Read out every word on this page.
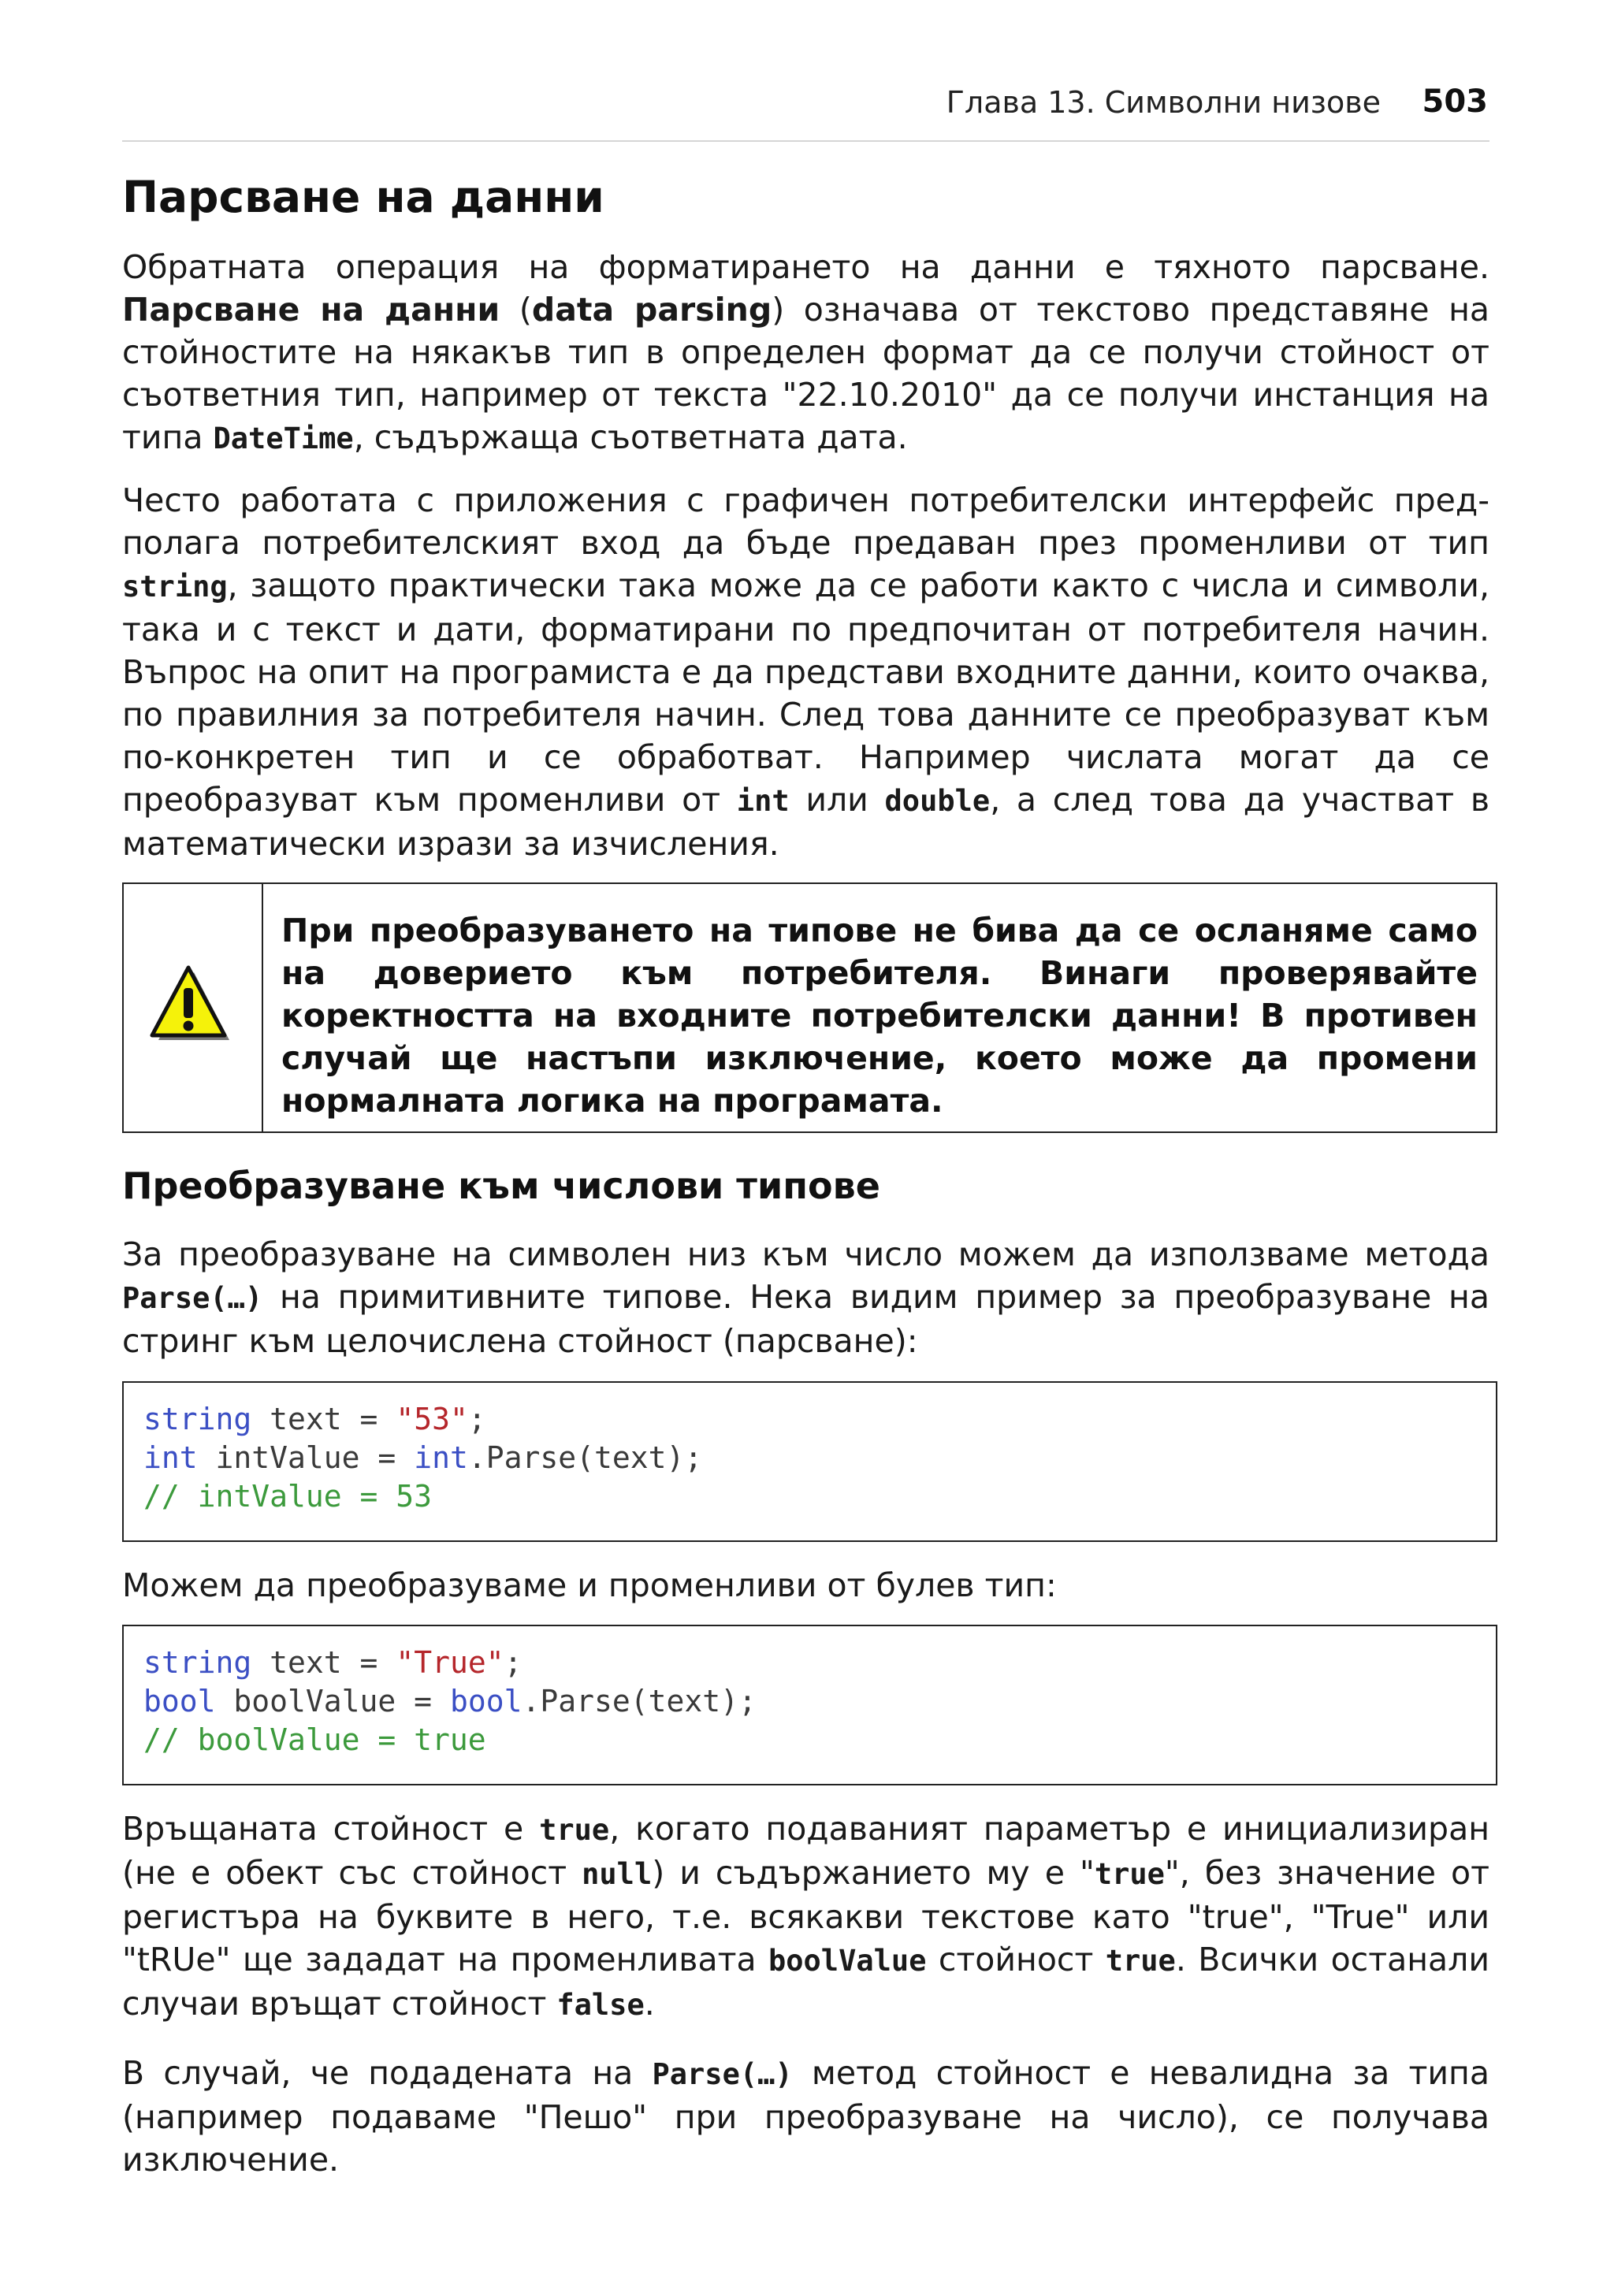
Глава 13. Символни низове 503
Парсване на данни

Обратната операция на форматирането на данни е тяхното парсване. Парсване на данни (data parsing) означава от текстово представяне на стойностите на някакъв тип в определен формат да се получи стойност от съответния тип, например от текста "22.10.2010" да се получи инстанция на типа DateTime, съдържаща съответната дата.

Често работата с приложения с графичен потребителски интерфейс предполага потребителският вход да бъде предаван през променливи от тип string, защото практически така може да се работи както с числа и символи, така и с текст и дати, форматирани по предпочитан от потребителя начин. Въпрос на опит на програмиста е да представи входните данни, които очаква, по правилния за потребителя начин. След това данните се преобразуват към по-конкретен тип и се обработват. Например числата могат да се преобразуват към променливи от int или double, а след това да участват в математически изрази за изчисления.

При преобразуването на типове не бива да се осланяме само на доверието към потребителя. Винаги проверявайте коректността на входните потребителски данни! В противен случай ще настъпи изключение, което може да промени нормалната логика на програмата.

Преобразуване към числови типове

За преобразуване на символен низ към число можем да използваме метода Parse(…) на примитивните типове. Нека видим пример за преобразуване на стринг към целочислена стойност (парсване):

string text = "53";
int intValue = int.Parse(text);
// intValue = 53

Можем да преобразуваме и променливи от булев тип:

string text = "True";
bool boolValue = bool.Parse(text);
// boolValue = true

Връщаната стойност е true, когато подаваният параметър е инициализиран (не е обект със стойност null) и съдържанието му е "true", без значение от регистъра на буквите в него, т.е. всякакви текстове като "true", "True" или "tRUe" ще зададат на променливата boolValue стойност true. Всички останали случаи връщат стойност false.

В случай, че подадената на Parse(…) метод стойност е невалидна за типа (например подаваме "Пешо" при преобразуване на число), се получава изключение.
